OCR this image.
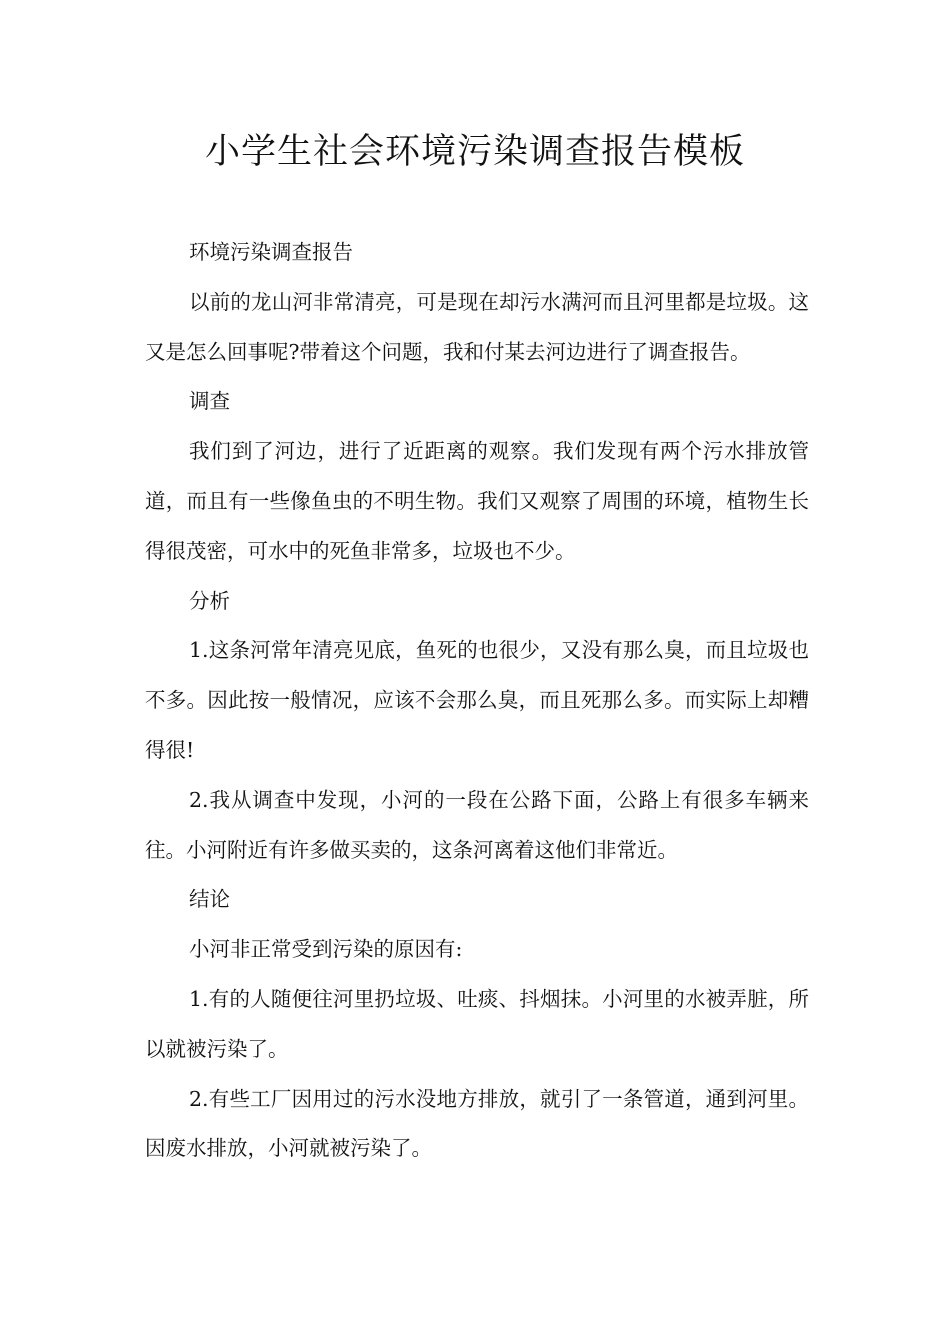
小学生社会环境污染调查报告模板

环境污染调查报告

以前的龙山河非常清亮，可是现在却污水满河而且河里都是垃圾。这又是怎么回事呢?带着这个问题，我和付某去河边进行了调查报告。

调查

我们到了河边，进行了近距离的观察。我们发现有两个污水排放管道，而且有一些像鱼虫的不明生物。我们又观察了周围的环境，植物生长得很茂密，可水中的死鱼非常多，垃圾也不少。

分析

1.这条河常年清亮见底，鱼死的也很少，又没有那么臭，而且垃圾也不多。因此按一般情况，应该不会那么臭，而且死那么多。而实际上却糟得很!

2.我从调查中发现，小河的一段在公路下面，公路上有很多车辆来往。小河附近有许多做买卖的，这条河离着这他们非常近。

结论

小河非正常受到污染的原因有:

1.有的人随便往河里扔垃圾、吐痰、抖烟抹。小河里的水被弄脏，所以就被污染了。

2.有些工厂因用过的污水没地方排放，就引了一条管道，通到河里。因废水排放，小河就被污染了。
